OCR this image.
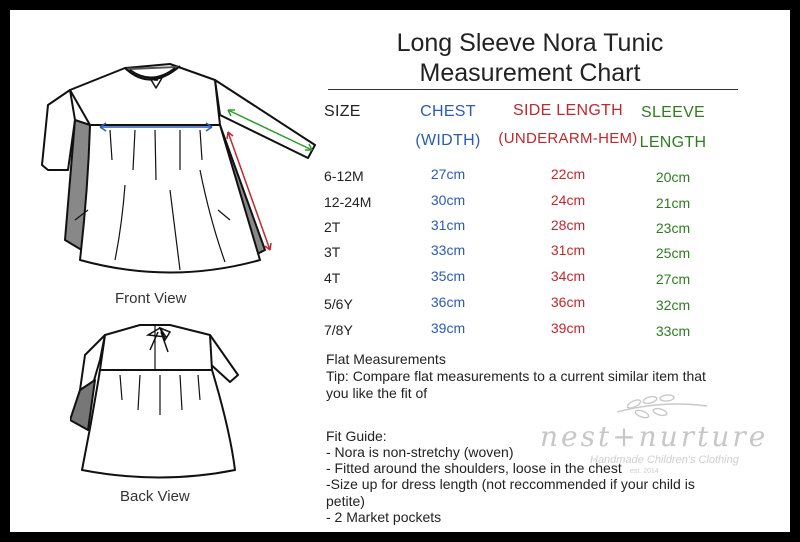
Front View
Back View
Long Sleeve Nora Tunic
Measurement Chart
SIZE	CHEST
(WIDTH)
SIDE LENGTH
(UNDERARM-HEM)
SLEEVE
LENGTH
6-12M	27cm	22cm	20cm
12-24M	30cm	24cm	21cm
2T	31cm	28cm	23cm
3T	33cm	31cm	25cm
4T	35cm	34cm	27cm
5/6Y	36cm	36cm	32cm
7/8Y	39cm	39cm	33cm
nest+nurture
Handmade Children's Clothing
est. 2014
Flat Measurements
Tip: Compare flat measurements to a current similar item that you like the fit of
Fit Guide:
- Nora is non-stretchy (woven)
- Fitted around the shoulders, loose in the chest
-Size up for dress length (not reccommended if your child is petite)
- 2 Market pockets
